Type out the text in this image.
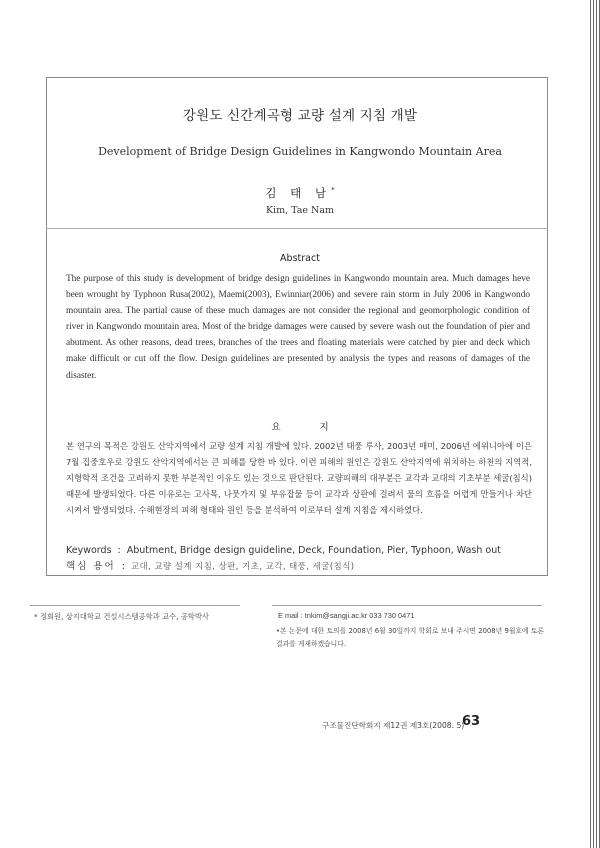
강원도 신간계곡형 교량 설계 지침 개발
Development of Bridge Design Guidelines in Kangwondo Mountain Area
김 태 남*
Kim, Tae Nam
Abstract
The purpose of this study is development of bridge design guidelines in Kangwondo mountain area. Much damages heve been wrought by Typhoon Rusa(2002), Maemi(2003), Ewinniar(2006) and severe rain storm in July 2006 in Kangwondo mountain area. The partial cause of these much damages are not consider the regional and geomorphologic condition of river in Kangwondo mountain area. Most of the bridge damages were caused by severe wash out the foundation of pier and abutment. As other reasons, dead trees, branches of the trees and floating materials were catched by pier and deck which make difficult or cut off the flow. Design guidelines are presented by analysis the types and reasons of damages of the disaster.
요 지
본 연구의 목적은 강원도 산악지역에서 교량 설계 지침 개발에 있다. 2002년 태풍 루사, 2003년 매미, 2006년 에위니아에 이은 7월 집중호우로 강원도 산악지역에서는 큰 피해를 당한 바 있다. 이런 피해의 원인은 강원도 산악지역에 위치하는 하천의 지역적, 지형학적 조건을 고려하지 못한 부분적인 이유도 있는 것으로 판단된다. 교량피해의 대부분은 교각과 교대의 기초부분 세굴(침식) 때문에 발생되었다. 다른 이유로는 고사목, 나뭇가지 및 부유잡물 등이 교각과 상판에 걸려서 물의 흐름을 어렵게 만들거나 차단 시켜서 발생되었다. 수해현장의 피해 형태와 원인 등을 분석하여 이로부터 설계 지침을 제시하였다.
Keywords : Abutment, Bridge design guideline, Deck, Foundation, Pier, Typhoon, Wash out
핵심 용어 : 교대, 교량 설계 지침, 상판, 기초, 교각, 태풍, 세굴(침식)
* 정회원, 상지대학교 건설시스템공학과 교수, 공학박사	E mail : tnkim@sangji.ac.kr 033 730 0471
•본 논문에 대한 토의를 2008년 6월 30일까지 학회로 보내 주시면 2008년 9월호에 토론결과를 게재하겠습니다.
구조물진단학회지 제12권 제3호(2008. 5)
63
